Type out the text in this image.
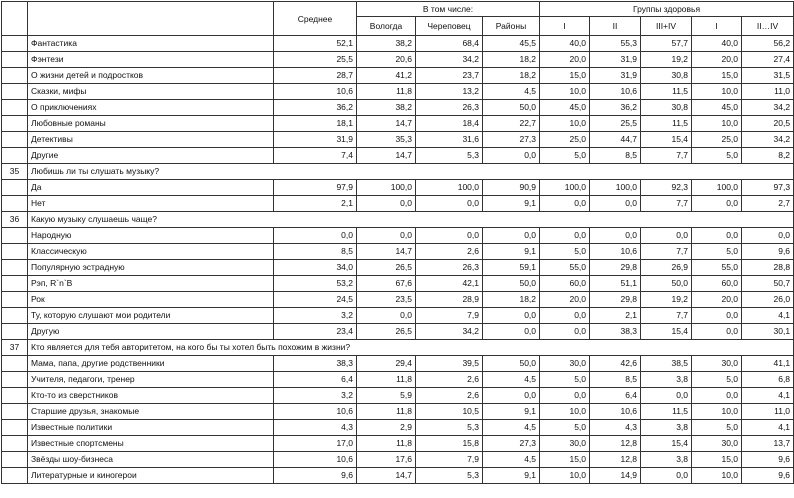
		Среднее	В том числе:			Группы здоровья				
			Вологда	Череповец	Районы	I	II	III+IV	I	II…IV
	Фантастика	52,1	38,2	68,4	45,5	40,0	55,3	57,7	40,0	56,2
	Фэнтези	25,5	20,6	34,2	18,2	20,0	31,9	19,2	20,0	27,4
	О жизни детей и подростков	28,7	41,2	23,7	18,2	15,0	31,9	30,8	15,0	31,5
	Сказки, мифы	10,6	11,8	13,2	4,5	10,0	10,6	11,5	10,0	11,0
	О приключениях	36,2	38,2	26,3	50,0	45,0	36,2	30,8	45,0	34,2
	Любовные романы	18,1	14,7	18,4	22,7	10,0	25,5	11,5	10,0	20,5
	Детективы	31,9	35,3	31,6	27,3	25,0	44,7	15,4	25,0	34,2
	Другие	7,4	14,7	5,3	0,0	5,0	8,5	7,7	5,0	8,2
35	Любишь ли ты слушать музыку?									
	Да	97,9	100,0	100,0	90,9	100,0	100,0	92,3	100,0	97,3
	Нет	2,1	0,0	0,0	9,1	0,0	0,0	7,7	0,0	2,7
36	Какую музыку слушаешь чаще?									
	Народную	0,0	0,0	0,0	0,0	0,0	0,0	0,0	0,0	0,0
	Классическую	8,5	14,7	2,6	9,1	5,0	10,6	7,7	5,0	9,6
	Популярную эстрадную	34,0	26,5	26,3	59,1	55,0	29,8	26,9	55,0	28,8
	Рэп, R`n`B	53,2	67,6	42,1	50,0	60,0	51,1	50,0	60,0	50,7
	Рок	24,5	23,5	28,9	18,2	20,0	29,8	19,2	20,0	26,0
	Ту, которую слушают мои родители	3,2	0,0	7,9	0,0	0,0	2,1	7,7	0,0	4,1
	Другую	23,4	26,5	34,2	0,0	0,0	38,3	15,4	0,0	30,1
37	Кто является для тебя авторитетом, на кого бы ты хотел быть похожим в жизни?									
	Мама, папа, другие родственники	38,3	29,4	39,5	50,0	30,0	42,6	38,5	30,0	41,1
	Учителя, педагоги, тренер	6,4	11,8	2,6	4,5	5,0	8,5	3,8	5,0	6,8
	Кто-то из сверстников	3,2	5,9	2,6	0,0	0,0	6,4	0,0	0,0	4,1
	Старшие друзья, знакомые	10,6	11,8	10,5	9,1	10,0	10,6	11,5	10,0	11,0
	Известные политики	4,3	2,9	5,3	4,5	5,0	4,3	3,8	5,0	4,1
	Известные спортсмены	17,0	11,8	15,8	27,3	30,0	12,8	15,4	30,0	13,7
	Звёзды шоу-бизнеса	10,6	17,6	7,9	4,5	15,0	12,8	3,8	15,0	9,6
	Литературные и киногерои	9,6	14,7	5,3	9,1	10,0	14,9	0,0	10,0	9,6
